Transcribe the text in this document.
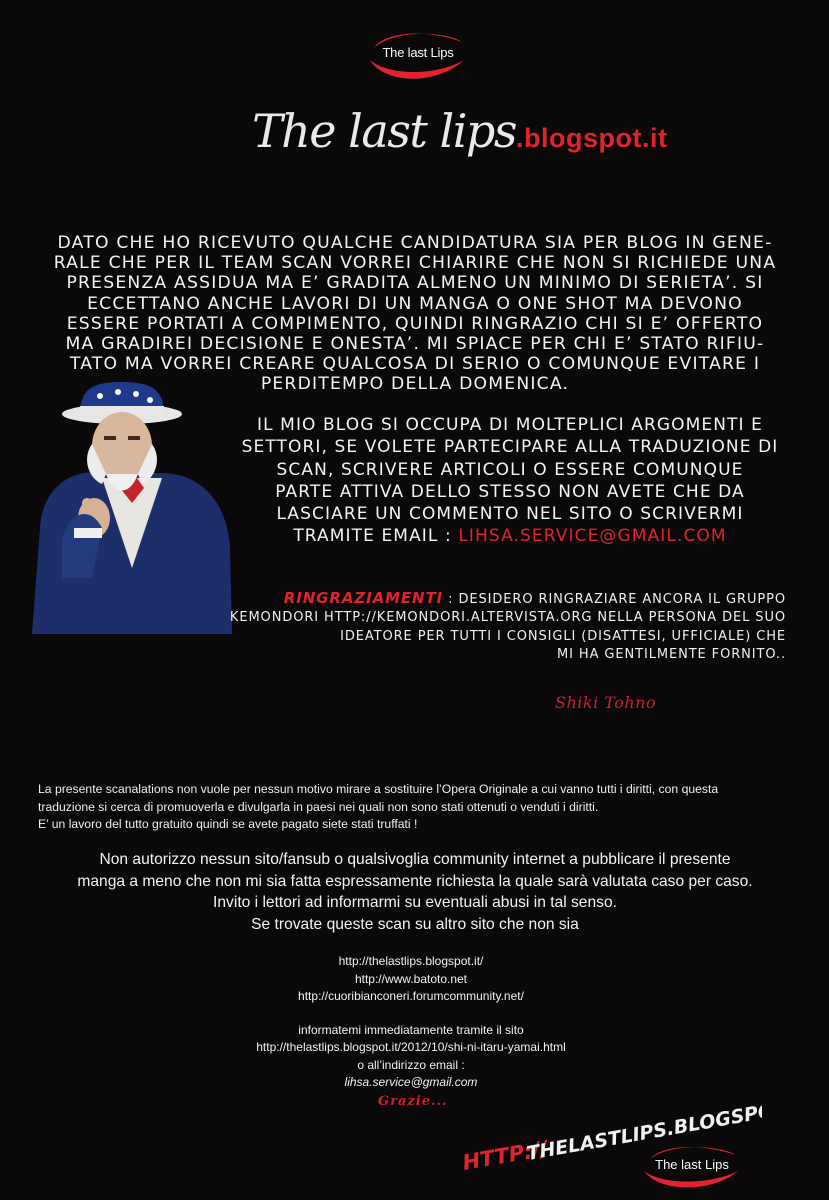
The last Lips
The last lips.blogspot.it
DATO CHE HO RICEVUTO QUALCHE CANDIDATURA SIA PER BLOG IN GENE-
RALE CHE PER IL TEAM SCAN VORREI CHIARIRE CHE NON SI RICHIEDE UNA
PRESENZA ASSIDUA MA E’ GRADITA ALMENO UN MINIMO DI SERIETA’. SI
ECCETTANO ANCHE LAVORI DI UN MANGA O ONE SHOT MA DEVONO
ESSERE PORTATI A COMPIMENTO, QUINDI RINGRAZIO CHI SI E’ OFFERTO
MA GRADIREI DECISIONE E ONESTA’. MI SPIACE PER CHI E’ STATO RIFIU-
TATO MA VORREI CREARE QUALCOSA DI SERIO O COMUNQUE EVITARE I
PERDITEMPO DELLA DOMENICA.
IL MIO BLOG SI OCCUPA DI MOLTEPLICI ARGOMENTI E
SETTORI, SE VOLETE PARTECIPARE ALLA TRADUZIONE DI
SCAN, SCRIVERE ARTICOLI O ESSERE COMUNQUE
PARTE ATTIVA DELLO STESSO NON AVETE CHE DA
LASCIARE UN COMMENTO NEL SITO O SCRIVERMI
TRAMITE EMAIL : LIHSA.SERVICE@GMAIL.COM
RINGRAZIAMENTI : DESIDERO RINGRAZIARE ANCORA IL GRUPPO
KEMONDORI HTTP://KEMONDORI.ALTERVISTA.ORG NELLA PERSONA DEL SUO
IDEATORE PER TUTTI I CONSIGLI (DISATTESI, UFFICIALE) CHE
MI HA GENTILMENTE FORNITO..
Shiki Tohno
La presente scanalations non vuole per nessun motivo mirare a sostituire l’Opera Originale a cui vanno tutti i diritti, con questa
traduzione si cerca di promuoverla e divulgarla in paesi nei quali non sono stati ottenuti o venduti i diritti.
E’ un lavoro del tutto gratuito quindi se avete pagato siete stati truffati !
Non autorizzo nessun sito/fansub o qualsivoglia community internet a pubblicare il presente
manga a meno che non mi sia fatta espressamente richiesta la quale sarà valutata caso per caso.
Invito i lettori ad informarmi su eventuali abusi in tal senso.
Se trovate queste scan su altro sito che non sia
http://thelastlips.blogspot.it/
http://www.batoto.net
http://cuoribianconeri.forumcommunity.net/
informatemi immediatamente tramite il sito
http://thelastlips.blogspot.it/2012/10/shi-ni-itaru-yamai.html
o all’indirizzo email :
lihsa.service@gmail.com
Grazie...
HTTP://
THELASTLIPS.BLOGSPOT.IT
The last Lips
